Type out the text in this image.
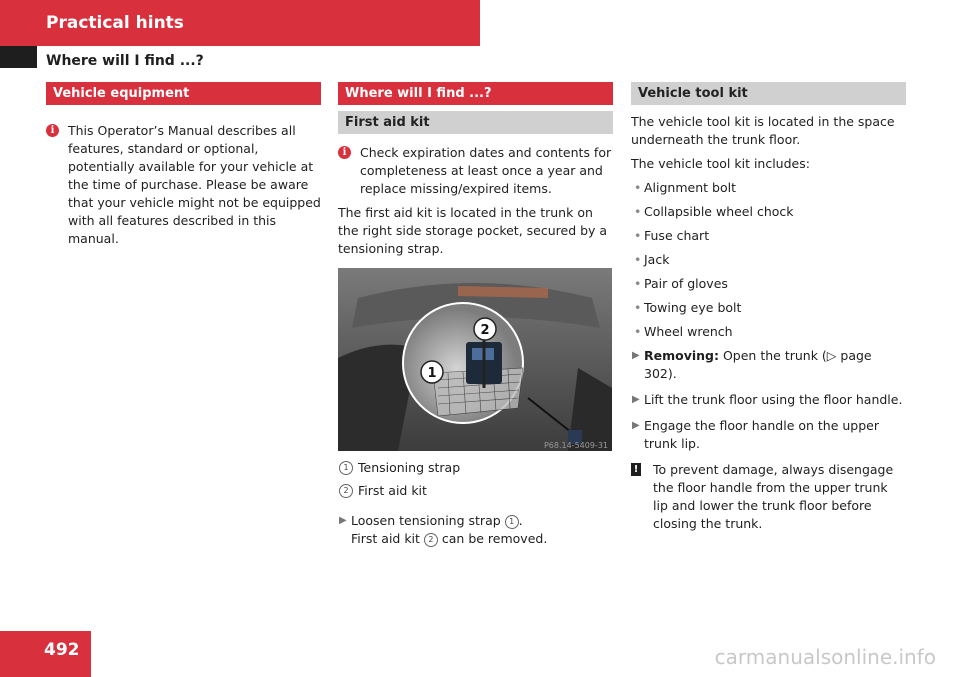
Practical hints
Where will I find ...?
Vehicle equipment

i	This Operator’s Manual describes all features, standard or optional, potentially available for your vehicle at the time of purchase. Please be aware that your vehicle might not be equipped with all features described in this manual.

Where will I find ...?
First aid kit

i	Check expiration dates and contents for completeness at least once a year and replace missing/expired items.

The first aid kit is located in the trunk on the right side storage pocket, secured by a tensioning strap.

1
2
P68.14-5409-31
1 Tensioning strap
2 First aid kit
▶ Loosen tensioning strap 1 .
First aid kit 2 can be removed.
Vehicle tool kit

The vehicle tool kit is located in the space underneath the trunk floor.

The vehicle tool kit includes:

• Alignment bolt
• Collapsible wheel chock
• Fuse chart
• Jack
• Pair of gloves
• Towing eye bolt
• Wheel wrench
▶ Removing: Open the trunk (▷ page 302).
▶ Lift the trunk floor using the floor handle.
▶ Engage the floor handle on the upper trunk lip.

! To prevent damage, always disengage the floor handle from the upper trunk lip and lower the trunk floor before closing the trunk.

492	carmanualsonline.info
